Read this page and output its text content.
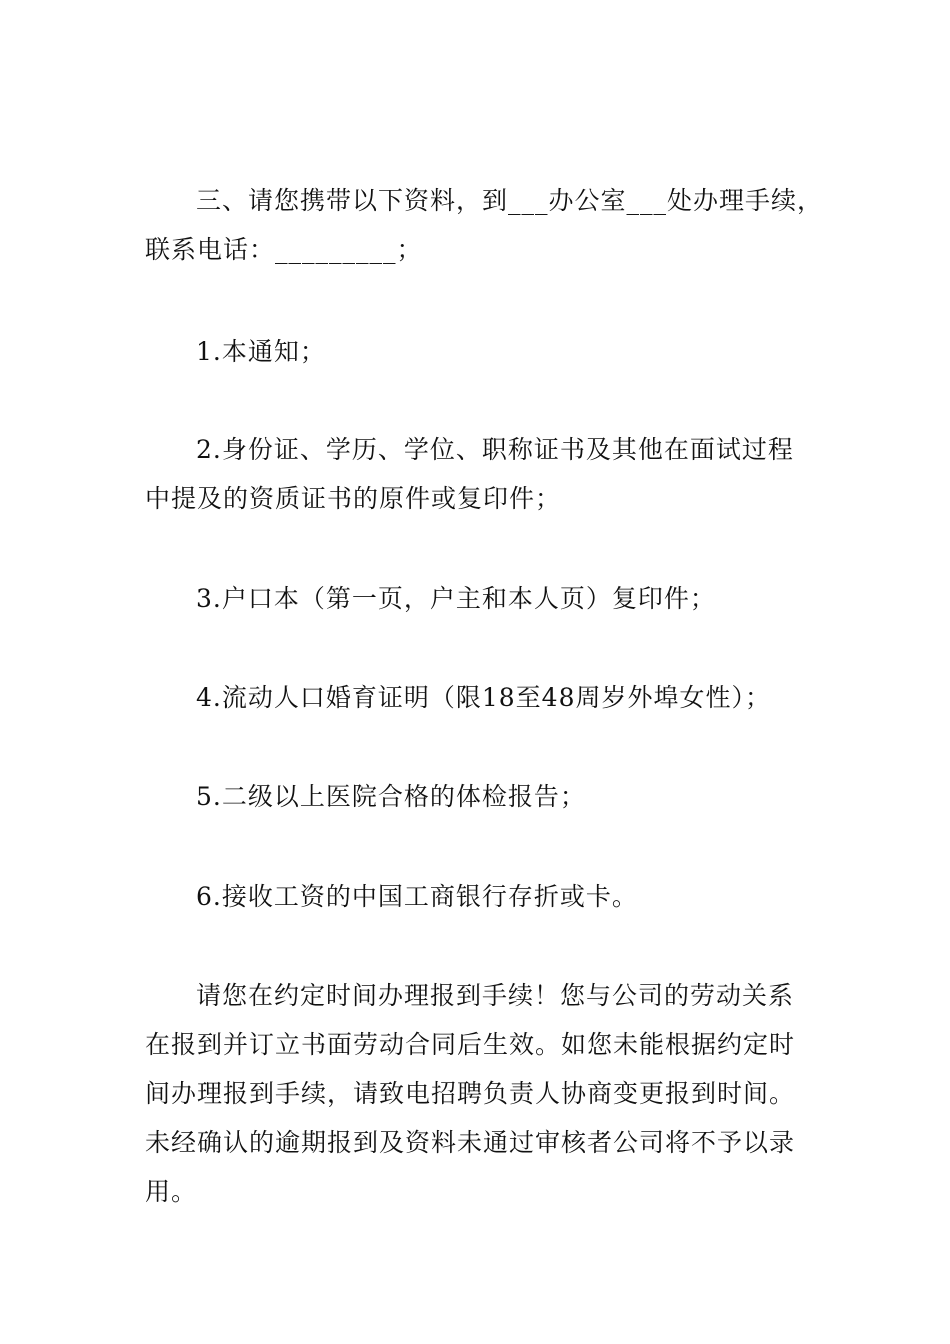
三、请您携带以下资料，到___办公室___处办理手续，
联系电话：_________；
1.本通知；
2.身份证、学历、学位、职称证书及其他在面试过程
中提及的资质证书的原件或复印件；
3.户口本（第一页，户主和本人页）复印件；
4.流动人口婚育证明（限18至48周岁外埠女性）；
5.二级以上医院合格的体检报告；
6.接收工资的中国工商银行存折或卡。
请您在约定时间办理报到手续！您与公司的劳动关系
在报到并订立书面劳动合同后生效。如您未能根据约定时
间办理报到手续，请致电招聘负责人协商变更报到时间。
未经确认的逾期报到及资料未通过审核者公司将不予以录
用。
